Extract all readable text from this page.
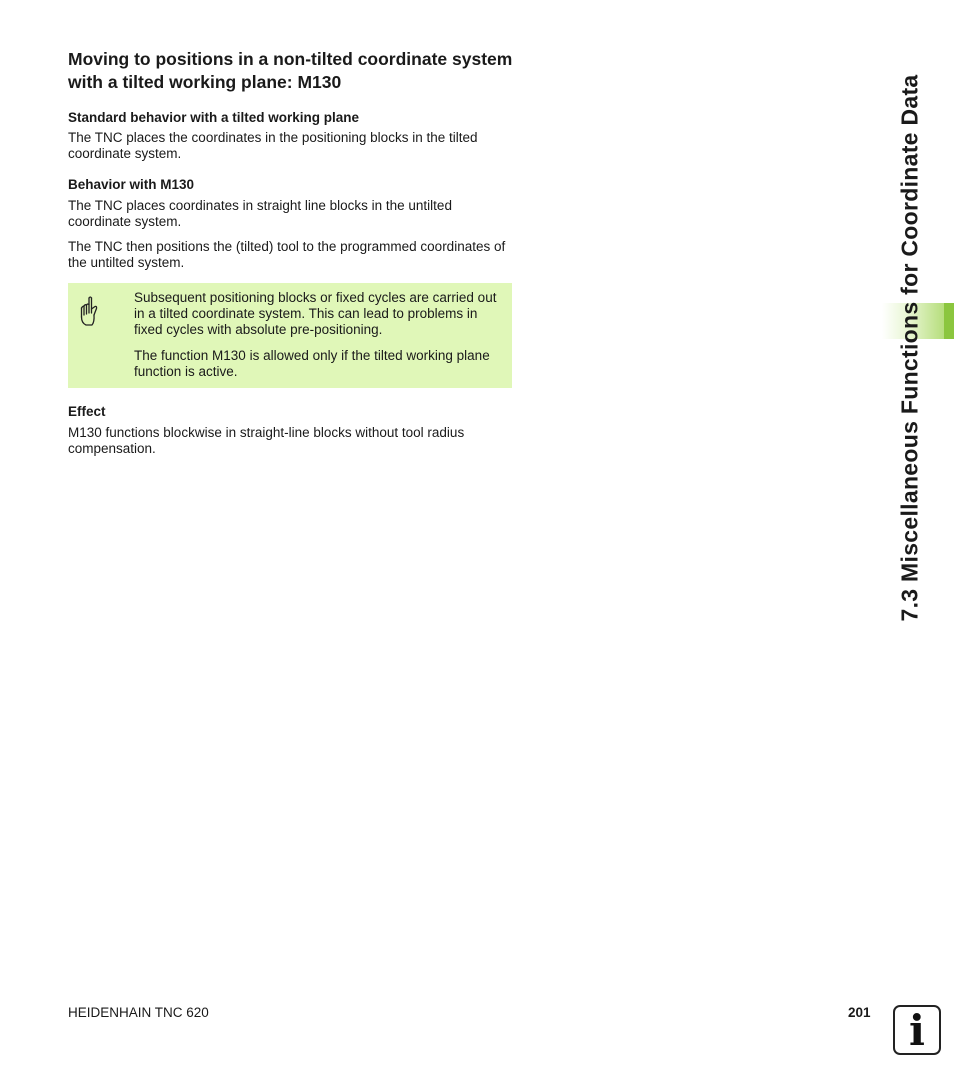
Moving to positions in a non-tilted coordinate system with a tilted working plane: M130
Standard behavior with a tilted working plane

The TNC places the coordinates in the positioning blocks in the tilted coordinate system.

Behavior with M130

The TNC places coordinates in straight line blocks in the untilted coordinate system.

The TNC then positions the (tilted) tool to the programmed coordinates of the untilted system.

Subsequent positioning blocks or fixed cycles are carried out in a tilted coordinate system. This can lead to problems in fixed cycles with absolute pre-positioning.

The function M130 is allowed only if the tilted working plane function is active.

Effect

M130 functions blockwise in straight-line blocks without tool radius compensation.	7.3 Miscellaneous Functions for Coordinate Data
HEIDENHAIN TNC 620	201 i
